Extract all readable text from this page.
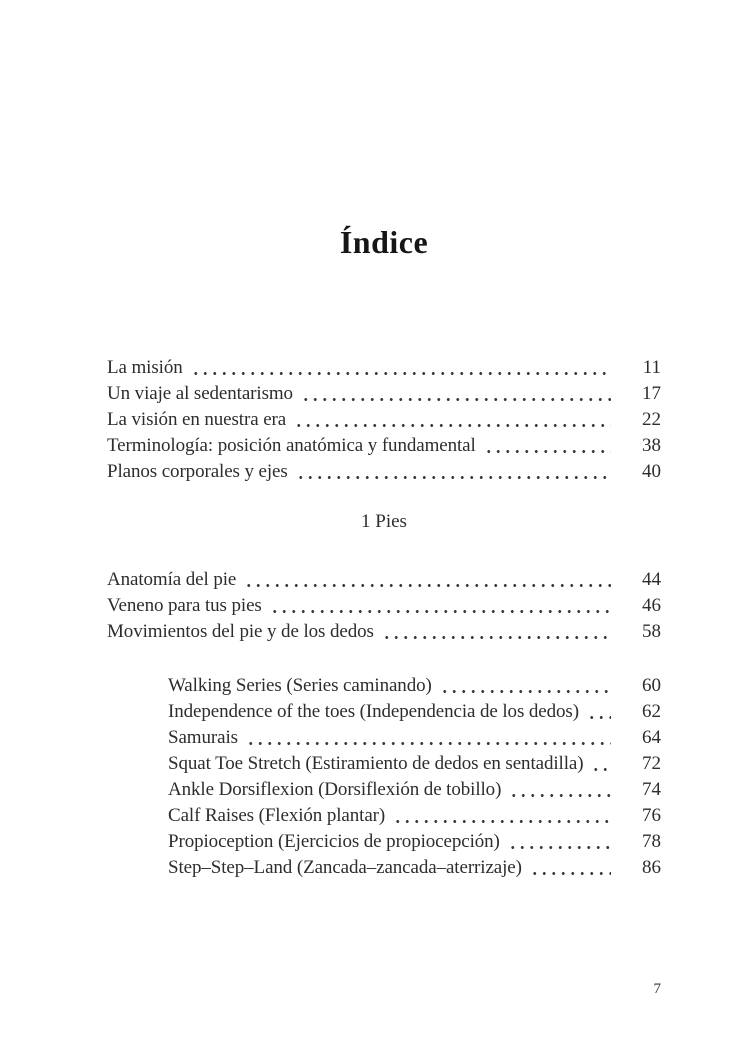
Índice
La misión	11
Un viaje al sedentarismo	17
La visión en nuestra era	22
Terminología: posición anatómica y fundamental	38
Planos corporales y ejes	40
1 Pies
Anatomía del pie	44
Veneno para tus pies	46
Movimientos del pie y de los dedos	58
Walking Series (Series caminando)	60
Independence of the toes (Independencia de los dedos)	62
Samurais	64
Squat Toe Stretch (Estiramiento de dedos en sentadilla)	72
Ankle Dorsiflexion (Dorsiflexión de tobillo)	74
Calf Raises (Flexión plantar)	76
Propioception (Ejercicios de propiocepción)	78
Step–Step–Land (Zancada–zancada–aterrizaje)	86
7
